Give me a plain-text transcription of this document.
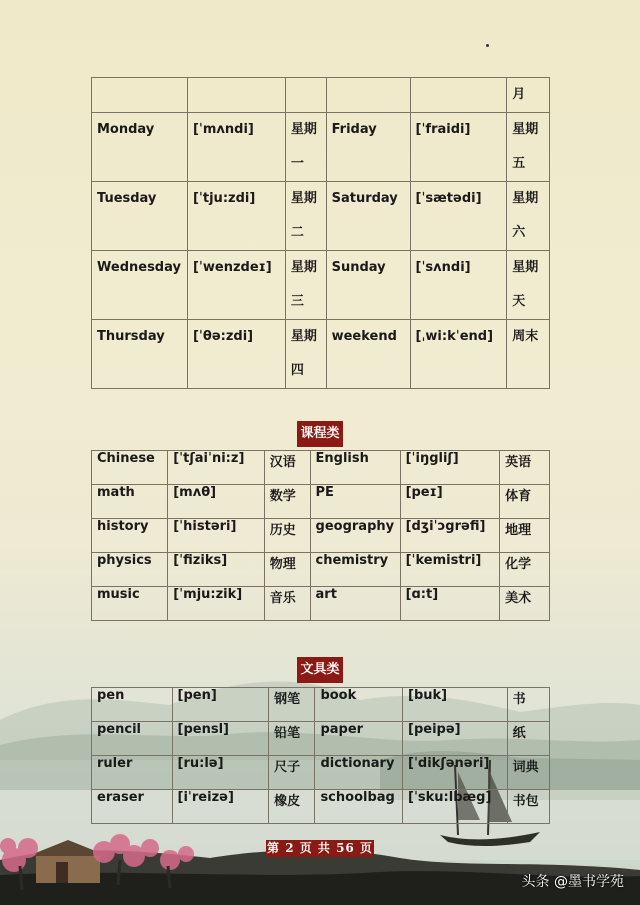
					月
Monday	[ˈmʌndi]	星期一	Friday	[ˈfraidi]	星期五
Tuesday	[ˈtju:zdi]	星期二	Saturday	[ˈsætədi]	星期六
Wednesday	[ˈwenzdeɪ]	星期三	Sunday	[ˈsʌndi]	星期天
Thursday	[ˈθə:zdi]	星期四	weekend	[ˌwi:kˈend]	周末
课程类
Chinese	[ˈtʃaiˈni:z]	汉语	English	[ˈiŋgliʃ]	英语
math	[mʌθ]	数学	PE	[peɪ]	体育
history	[ˈhistəri]	历史	geography	[dʒiˈɔgrəfi]	地理
physics	[ˈfiziks]	物理	chemistry	[ˈkemistri]	化学
music	[ˈmju:zik]	音乐	art	[ɑ:t]	美术
文具类
pen	[pen]	钢笔	book	[buk]	书
pencil	[pensl]	铅笔	paper	[peipə]	纸
ruler	[ru:lə]	尺子	dictionary	[ˈdikʃənəri]	词典
eraser	[iˈreizə]	橡皮	schoolbag	[ˈsku:lbæg]	书包
第 2 页 共 56 页
头条 @墨书学苑
